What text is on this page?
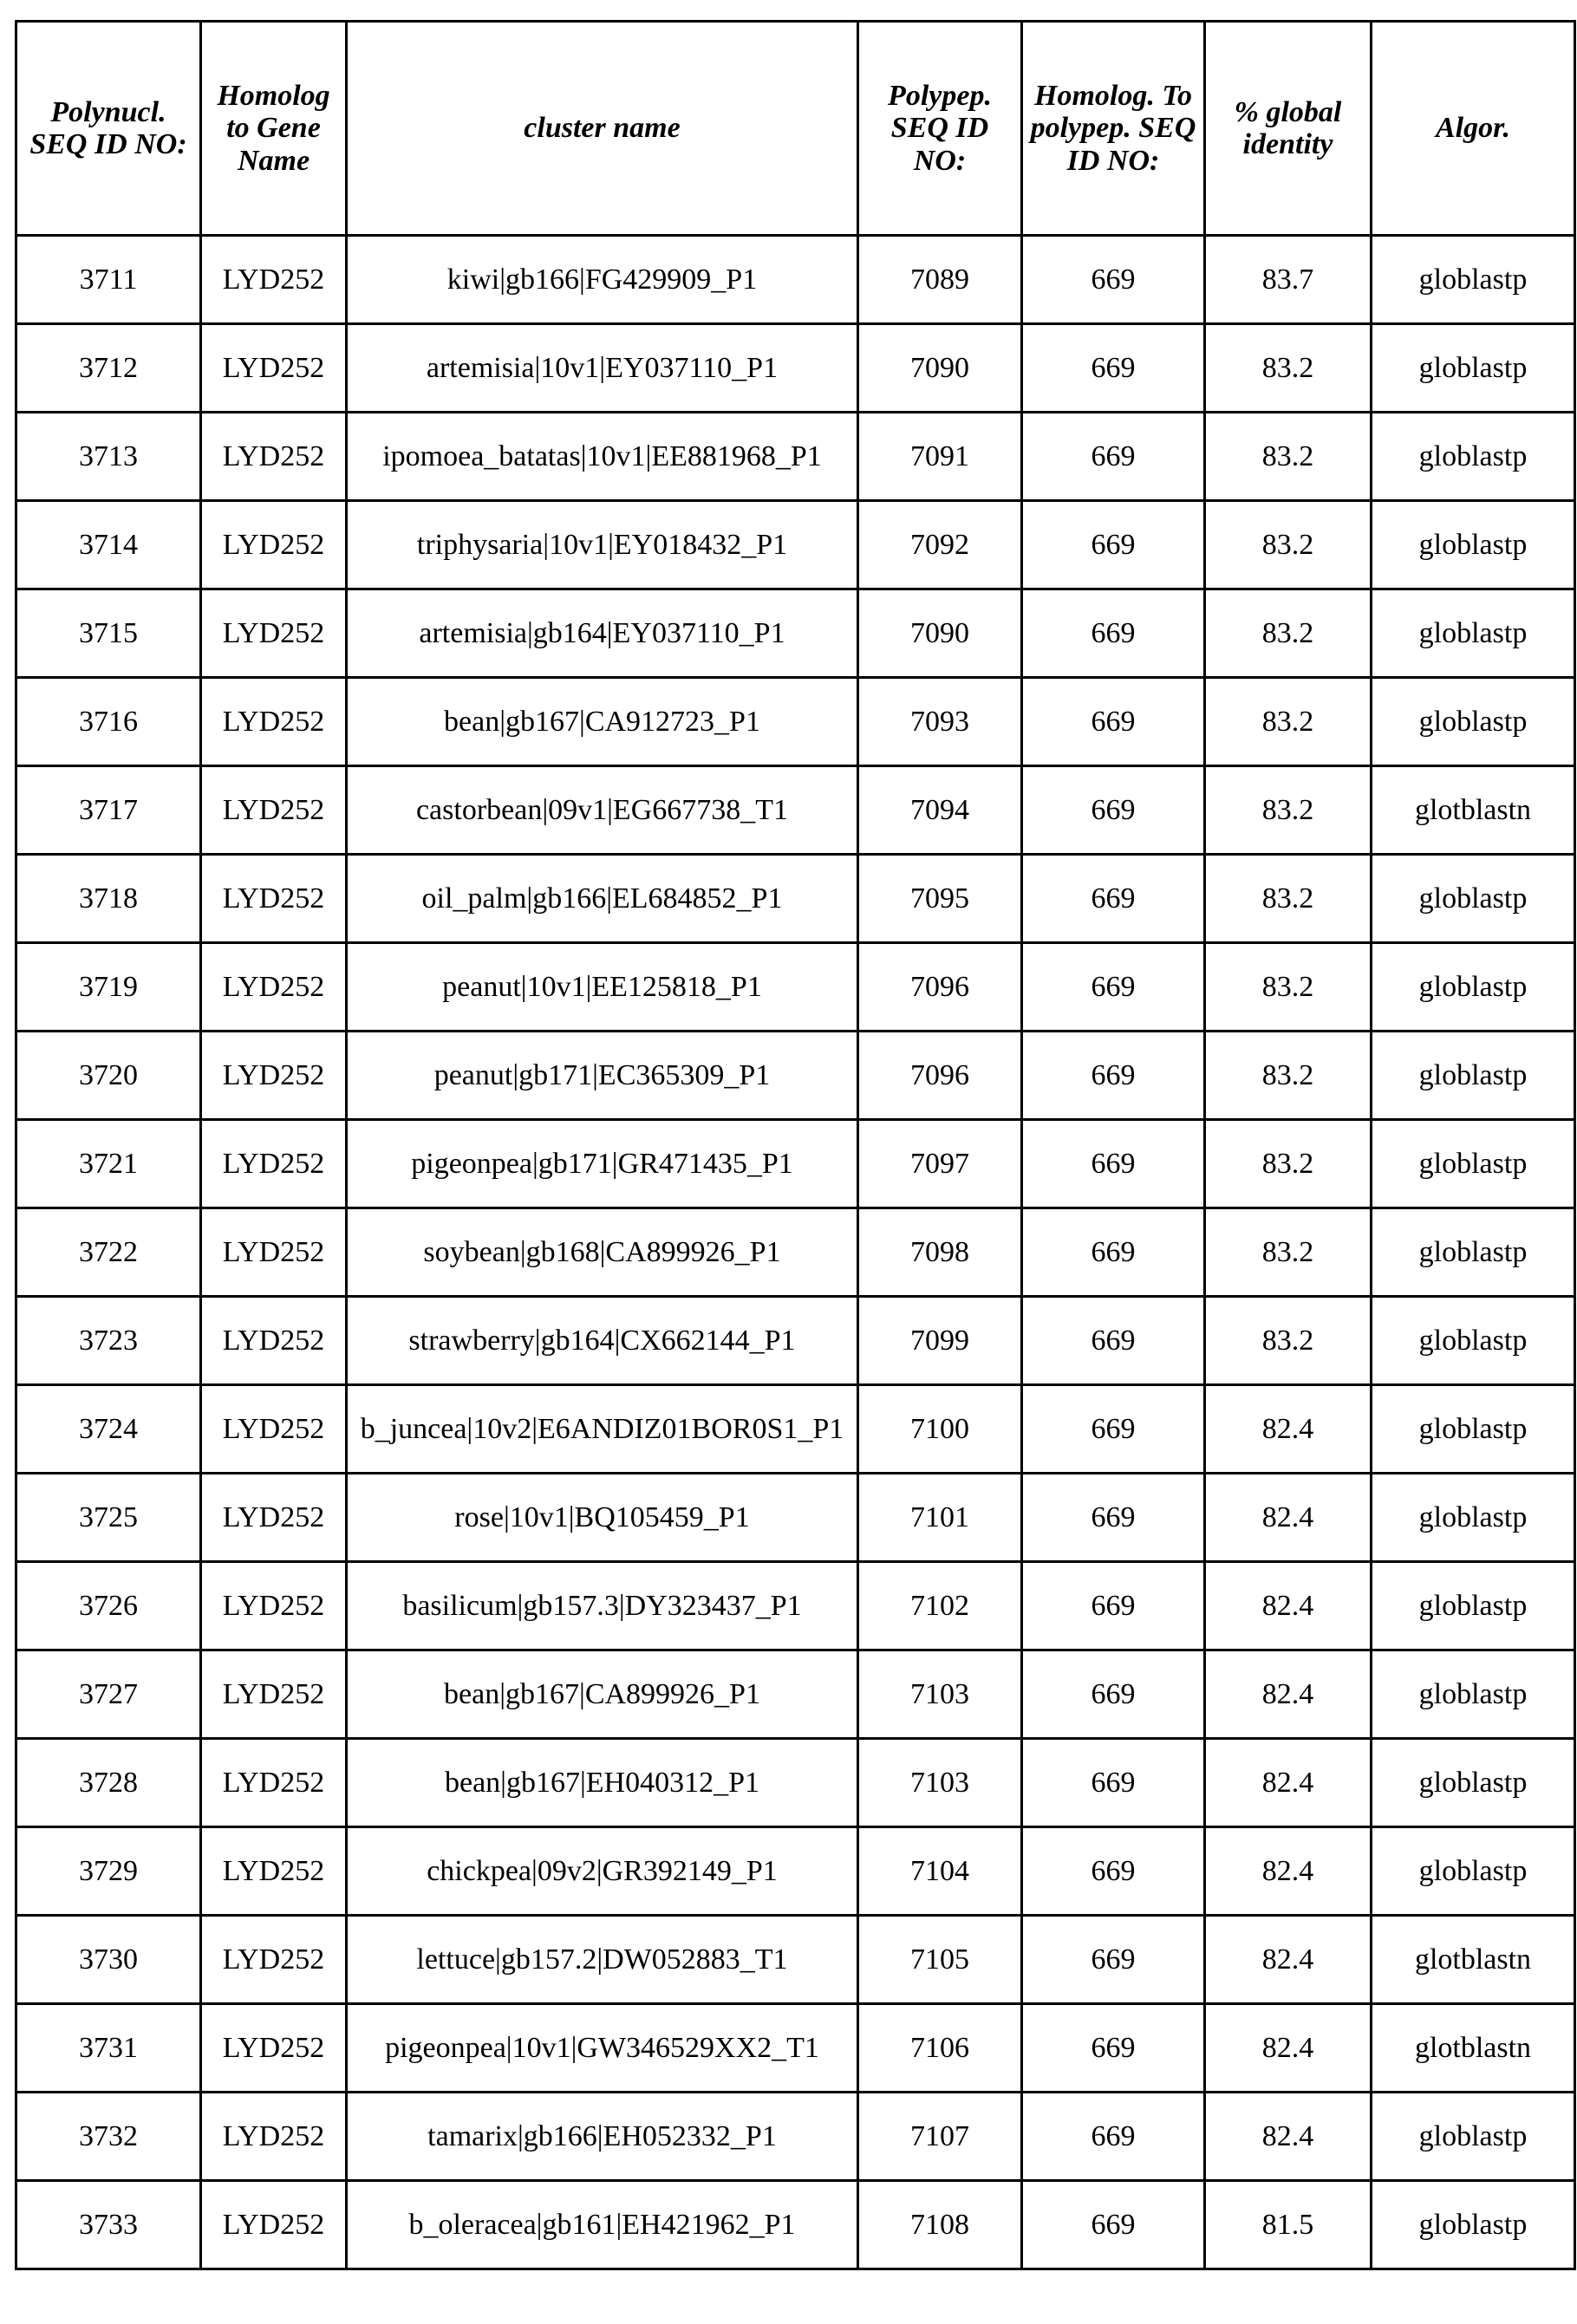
Polynucl. SEQ ID NO:	Homolog to Gene Name	cluster name	Polypep. SEQ ID NO:	Homolog. To polypep. SEQ ID NO:	% global identity	Algor.
3711	LYD252	kiwi|gb166|FG429909_P1	7089	669	83.7	globlastp
3712	LYD252	artemisia|10v1|EY037110_P1	7090	669	83.2	globlastp
3713	LYD252	ipomoea_batatas|10v1|EE881968_P1	7091	669	83.2	globlastp
3714	LYD252	triphysaria|10v1|EY018432_P1	7092	669	83.2	globlastp
3715	LYD252	artemisia|gb164|EY037110_P1	7090	669	83.2	globlastp
3716	LYD252	bean|gb167|CA912723_P1	7093	669	83.2	globlastp
3717	LYD252	castorbean|09v1|EG667738_T1	7094	669	83.2	glotblastn
3718	LYD252	oil_palm|gb166|EL684852_P1	7095	669	83.2	globlastp
3719	LYD252	peanut|10v1|EE125818_P1	7096	669	83.2	globlastp
3720	LYD252	peanut|gb171|EC365309_P1	7096	669	83.2	globlastp
3721	LYD252	pigeonpea|gb171|GR471435_P1	7097	669	83.2	globlastp
3722	LYD252	soybean|gb168|CA899926_P1	7098	669	83.2	globlastp
3723	LYD252	strawberry|gb164|CX662144_P1	7099	669	83.2	globlastp
3724	LYD252	b_juncea|10v2|E6ANDIZ01BOR0S1_P1	7100	669	82.4	globlastp
3725	LYD252	rose|10v1|BQ105459_P1	7101	669	82.4	globlastp
3726	LYD252	basilicum|gb157.3|DY323437_P1	7102	669	82.4	globlastp
3727	LYD252	bean|gb167|CA899926_P1	7103	669	82.4	globlastp
3728	LYD252	bean|gb167|EH040312_P1	7103	669	82.4	globlastp
3729	LYD252	chickpea|09v2|GR392149_P1	7104	669	82.4	globlastp
3730	LYD252	lettuce|gb157.2|DW052883_T1	7105	669	82.4	glotblastn
3731	LYD252	pigeonpea|10v1|GW346529XX2_T1	7106	669	82.4	glotblastn
3732	LYD252	tamarix|gb166|EH052332_P1	7107	669	82.4	globlastp
3733	LYD252	b_oleracea|gb161|EH421962_P1	7108	669	81.5	globlastp
